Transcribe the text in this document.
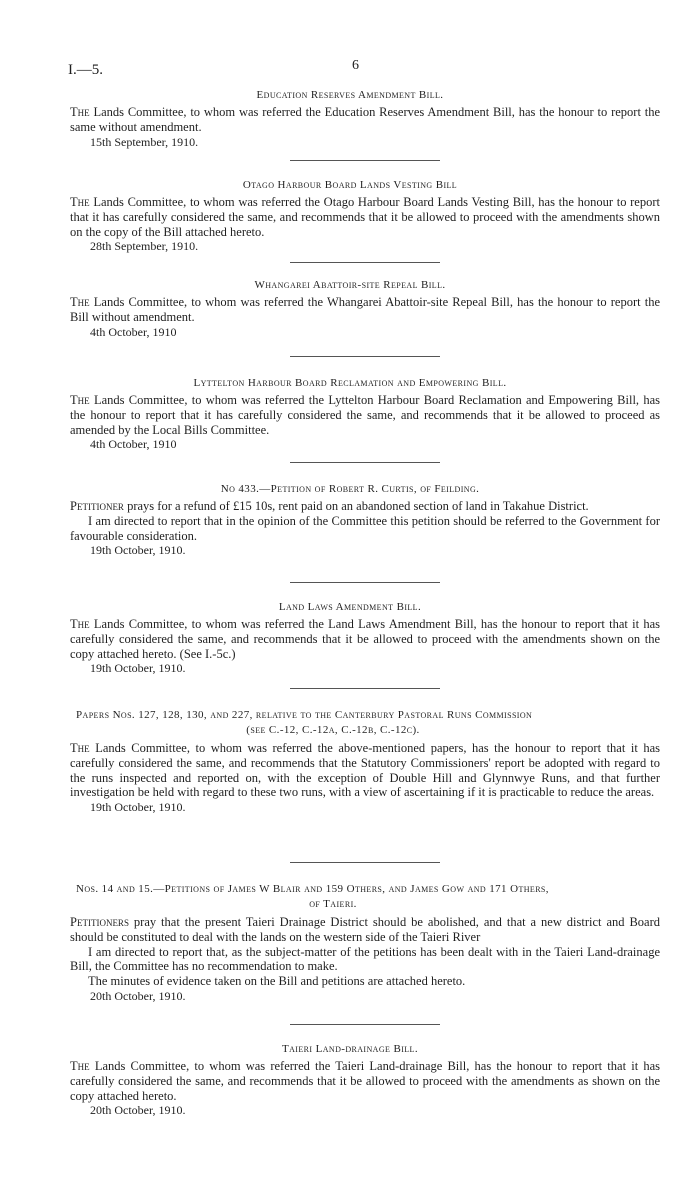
I.—5.	6
Education Reserves Amendment Bill.

The Lands Committee, to whom was referred the Education Reserves Amendment Bill, has the honour to report the same without amendment.

15th September, 1910.
Otago Harbour Board Lands Vesting Bill

The Lands Committee, to whom was referred the Otago Harbour Board Lands Vesting Bill, has the honour to report that it has carefully considered the same, and recommends that it be allowed to proceed with the amendments shown on the copy of the Bill attached hereto.

28th September, 1910.
Whangarei Abattoir-site Repeal Bill.

The Lands Committee, to whom was referred the Whangarei Abattoir-site Repeal Bill, has the honour to report the Bill without amendment.

4th October, 1910
Lyttelton Harbour Board Reclamation and Empowering Bill.

The Lands Committee, to whom was referred the Lyttelton Harbour Board Reclamation and Empowering Bill, has the honour to report that it has carefully considered the same, and recommends that it be allowed to proceed as amended by the Local Bills Committee.

4th October, 1910
No 433.—Petition of Robert R. Curtis, of Feilding.

Petitioner prays for a refund of £15 10s, rent paid on an abandoned section of land in Takahue District.

I am directed to report that in the opinion of the Committee this petition should be referred to the Government for favourable consideration.

19th October, 1910.
Land Laws Amendment Bill.

The Lands Committee, to whom was referred the Land Laws Amendment Bill, has the honour to report that it has carefully considered the same, and recommends that it be allowed to proceed with the amendments shown on the copy attached hereto. (See I.-5c.)

19th October, 1910.
Papers Nos. 127, 128, 130, and 227, relative to the Canterbury Pastoral Runs Commission
(see C.-12, C.-12a, C.-12b, C.-12c).

The Lands Committee, to whom was referred the above-mentioned papers, has the honour to report that it has carefully considered the same, and recommends that the Statutory Commissioners' report be adopted with regard to the runs inspected and reported on, with the exception of Double Hill and Glynnwye Runs, and that further investigation be held with regard to these two runs, with a view of ascertaining if it is practicable to reduce the areas.

19th October, 1910.
Nos. 14 and 15.—Petitions of James W Blair and 159 Others, and James Gow and 171 Others,
of Taieri.

Petitioners pray that the present Taieri Drainage District should be abolished, and that a new district and Board should be constituted to deal with the lands on the western side of the Taieri River

I am directed to report that, as the subject-matter of the petitions has been dealt with in the Taieri Land-drainage Bill, the Committee has no recommendation to make.

The minutes of evidence taken on the Bill and petitions are attached hereto.

20th October, 1910.
Taieri Land-drainage Bill.

The Lands Committee, to whom was referred the Taieri Land-drainage Bill, has the honour to report that it has carefully considered the same, and recommends that it be allowed to proceed with the amendments as shown on the copy attached hereto.

20th October, 1910.
